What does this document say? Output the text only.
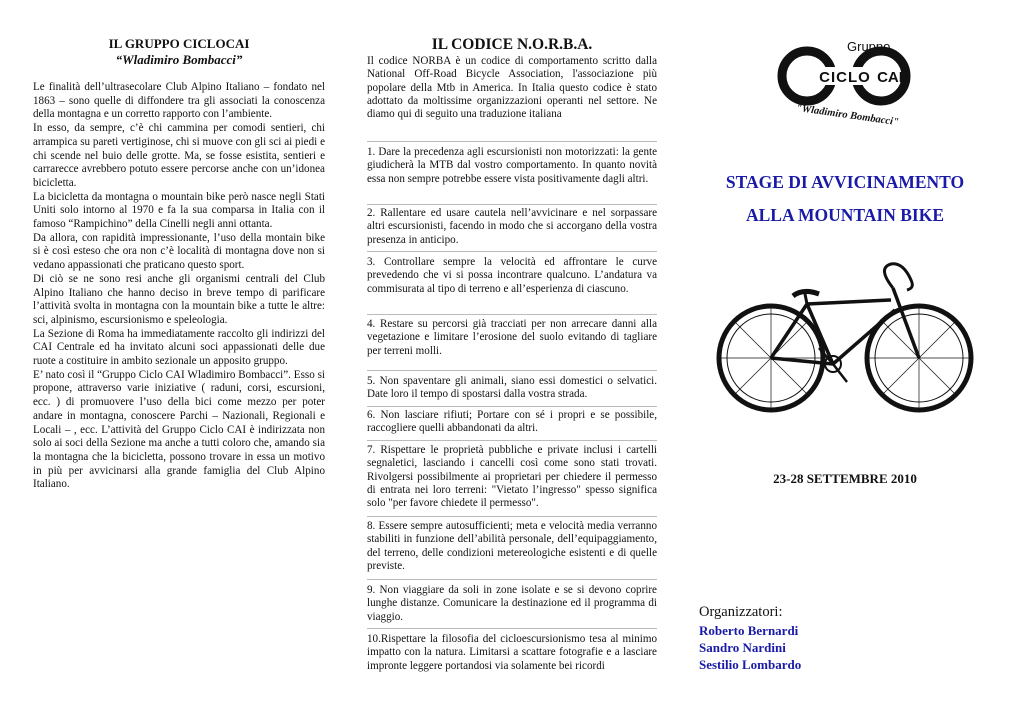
IL GRUPPO CICLOCAI
“Wladimiro Bombacci”

Le finalità dell’ultrasecolare Club Alpino Italiano – fondato nel 1863 – sono quelle di diffondere tra gli associati la conoscenza della montagna e un corretto rapporto con l’ambiente.

In esso, da sempre, c’è chi cammina per comodi sentieri, chi arrampica su pareti vertiginose, chi si muove con gli sci ai piedi e chi scende nel buio delle grotte. Ma, se fosse esistita, sentieri e carrarecce avrebbero potuto essere percorse anche con un’idonea bicicletta.

La bicicletta da montagna o mountain bike però nasce negli Stati Uniti solo intorno al 1970 e fa la sua comparsa in Italia con il famoso “Rampichino” della Cinelli negli anni ottanta.

Da allora, con rapidità impressionante, l’uso della montain bike si è così esteso che ora non c’è località di montagna dove non si vedano appassionati che praticano questo sport.

Di ciò se ne sono resi anche gli organismi centrali del Club Alpino Italiano che hanno deciso in breve tempo di parificare l’attività svolta in montagna con la mountain bike a tutte le altre: sci, alpinismo, escursionismo e speleologia.

La Sezione di Roma ha immediatamente raccolto gli indirizzi del CAI Centrale ed ha invitato alcuni soci appassionati delle due ruote a costituire in ambito sezionale un apposito gruppo.

E’ nato così il “Gruppo Ciclo CAI Wladimiro Bombacci”. Esso si propone, attraverso varie iniziative ( raduni, corsi, escursioni, ecc. ) di promuovere l’uso della bici come mezzo per poter andare in montagna, conoscere Parchi – Nazionali, Regionali e Locali – , ecc. L’attività del Gruppo Ciclo CAI è indirizzata non solo ai soci della Sezione ma anche a tutti coloro che, amando sia la montagna che la bicicletta, possono trovare in essa un motivo in più per avvicinarsi alla grande famiglia del Club Alpino Italiano.

IL CODICE N.O.R.B.A.
Il codice NORBA è un codice di comportamento scritto dalla National Off-Road Bicycle Association, l'associazione più popolare della Mtb in America. In Italia questo codice è stato adottato da moltissime organizzazioni operanti nel settore. Ne diamo qui di seguito una traduzione italiana
1. Dare la precedenza agli escursionisti non motorizzati: la gente giudicherà la MTB dal vostro comportamento. In quanto novità essa non sempre potrebbe essere vista positivamente dagli altri.
2. Rallentare ed usare cautela nell’avvicinare e nel sorpassare altri escursionisti, facendo in modo che si accorgano della vostra presenza in anticipo.
3. Controllare sempre la velocità ed affrontare le curve prevedendo che vi si possa incontrare qualcuno. L’andatura va commisurata al tipo di terreno e all’esperienza di ciascuno.
4. Restare su percorsi già tracciati per non arrecare danni alla vegetazione e limitare l’erosione del suolo evitando di tagliare per terreni molli.
5. Non spaventare gli animali, siano essi domestici o selvatici. Date loro il tempo di spostarsi dalla vostra strada.
6. Non lasciare rifiuti; Portare con sé i propri e se possibile, raccogliere quelli abbandonati da altri.
7. Rispettare le proprietà pubbliche e private inclusi i cartelli segnaletici, lasciando i cancelli così come sono stati trovati. Rivolgersi possibilmente ai proprietari per chiedere il permesso di entrata nei loro terreni: "Vietato l’ingresso" spesso significa solo "per favore chiedete il permesso".
8. Essere sempre autosufficienti; meta e velocità media verranno stabiliti in funzione dell’abilità personale, dell’equipaggiamento, del terreno, delle condizioni metereologiche esistenti e di quelle previste.
9. Non viaggiare da soli in zone isolate e se si devono coprire lunghe distanze. Comunicare la destinazione ed il programma di viaggio.
10.Rispettare la filosofia del cicloescursionismo tesa al minimo impatto con la natura. Limitarsi a scattare fotografie e a lasciare impronte leggere portandosi via solamente bei ricordi
Gruppo
CICLO CAI
"Wladimiro Bombacci"
STAGE DI AVVICINAMENTO
ALLA MOUNTAIN BIKE
23-28 SETTEMBRE 2010
Organizzatori:
Roberto Bernardi
Sandro Nardini
Sestilio Lombardo
